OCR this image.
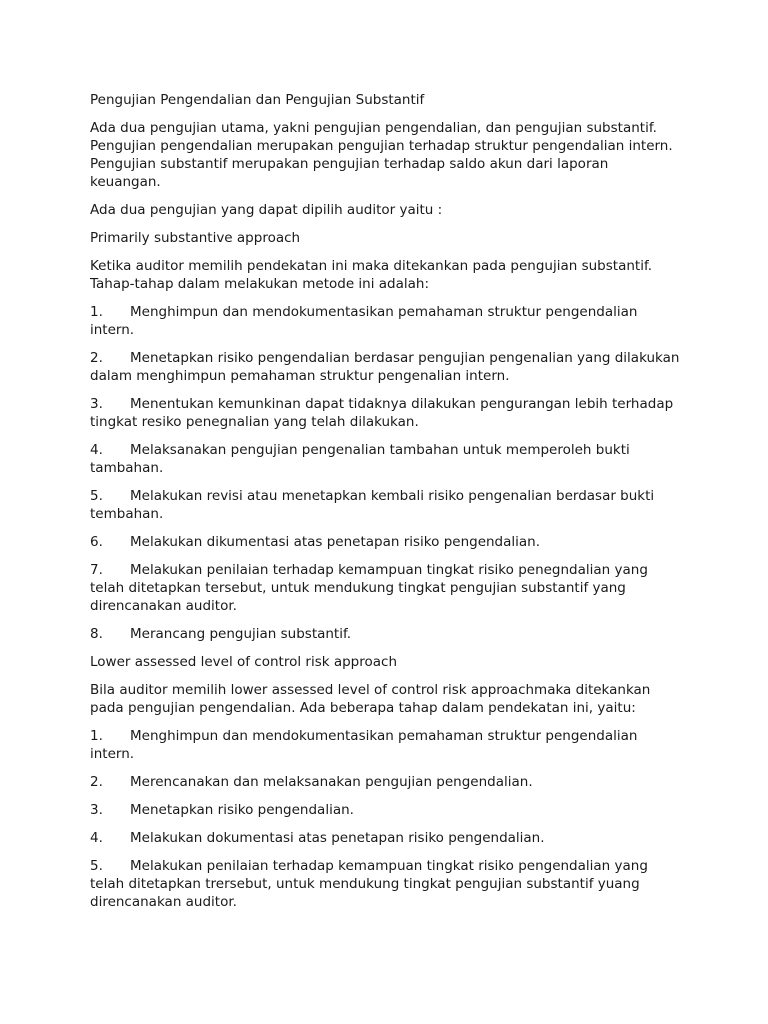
Pengujian Pengendalian dan Pengujian Substantif

Ada dua pengujian utama, yakni pengujian pengendalian, dan pengujian substantif. Pengujian pengendalian merupakan pengujian terhadap struktur pengendalian intern. Pengujian substantif merupakan pengujian terhadap saldo akun dari laporan keuangan.

Ada dua pengujian yang dapat dipilih auditor yaitu :

Primarily substantive approach

Ketika auditor memilih pendekatan ini maka ditekankan pada pengujian substantif. Tahap-tahap dalam melakukan metode ini adalah:

1. Menghimpun dan mendokumentasikan pemahaman struktur pengendalian intern.

2. Menetapkan risiko pengendalian berdasar pengujian pengenalian yang dilakukan dalam menghimpun pemahaman struktur pengenalian intern.

3. Menentukan kemunkinan dapat tidaknya dilakukan pengurangan lebih terhadap tingkat resiko penegnalian yang telah dilakukan.

4. Melaksanakan pengujian pengenalian tambahan untuk memperoleh bukti tambahan.

5. Melakukan revisi atau menetapkan kembali risiko pengenalian berdasar bukti tembahan.

6. Melakukan dikumentasi atas penetapan risiko pengendalian.

7. Melakukan penilaian terhadap kemampuan tingkat risiko penegndalian yang telah ditetapkan tersebut, untuk mendukung tingkat pengujian substantif yang direncanakan auditor.

8. Merancang pengujian substantif.

Lower assessed level of control risk approach

Bila auditor memilih lower assessed level of control risk approachmaka ditekankan pada pengujian pengendalian. Ada beberapa tahap dalam pendekatan ini, yaitu:

1. Menghimpun dan mendokumentasikan pemahaman struktur pengendalian intern.

2. Merencanakan dan melaksanakan pengujian pengendalian.

3. Menetapkan risiko pengendalian.

4. Melakukan dokumentasi atas penetapan risiko pengendalian.

5. Melakukan penilaian terhadap kemampuan tingkat risiko pengendalian yang telah ditetapkan trersebut, untuk mendukung tingkat pengujian substantif yuang direncanakan auditor.
